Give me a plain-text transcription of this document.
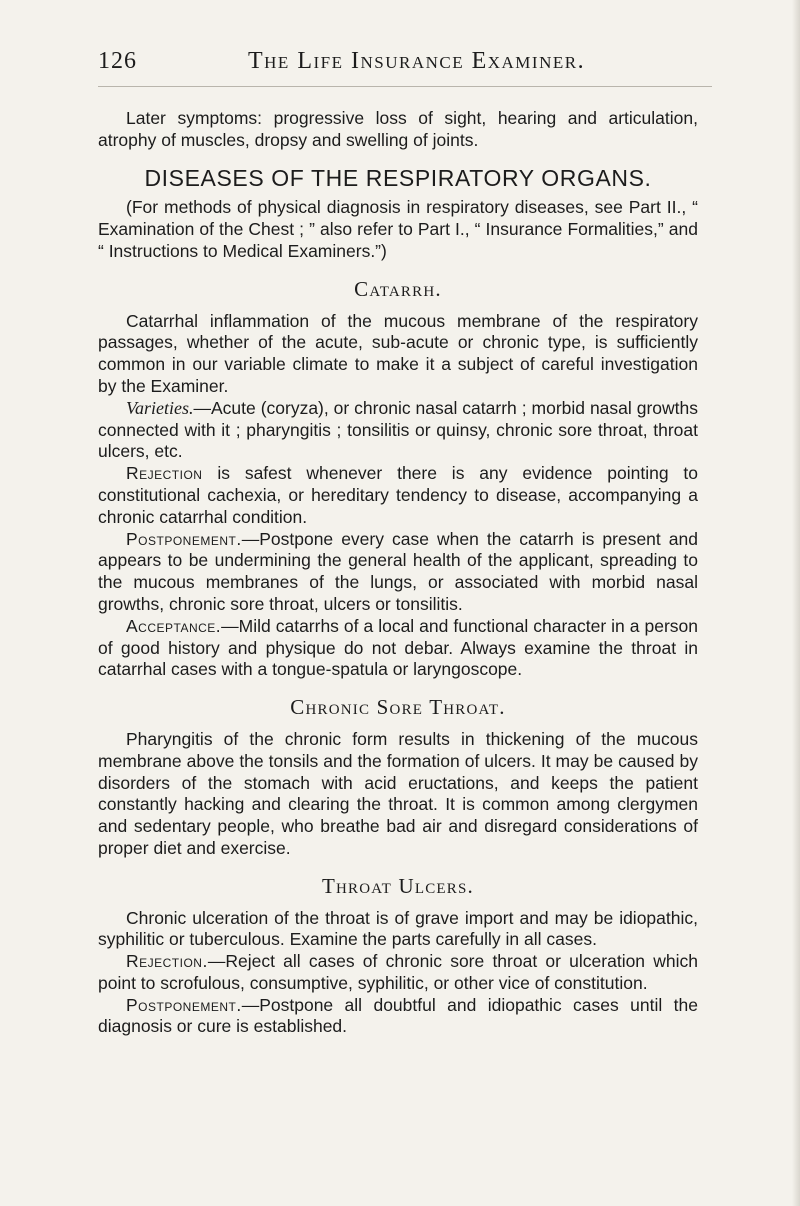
126	The Life Insurance Examiner.

Later symptoms: progressive loss of sight, hearing and articulation, atrophy of muscles, dropsy and swelling of joints.

DISEASES OF THE RESPIRATORY ORGANS.

(For methods of physical diagnosis in respiratory diseases, see Part II., “ Examination of the Chest ; ” also refer to Part I., “ Insurance Formalities,” and “ Instructions to Medical Examiners.”)

Catarrh.

Catarrhal inflammation of the mucous membrane of the respiratory passages, whether of the acute, sub-acute or chronic type, is sufficiently common in our variable climate to make it a subject of careful investigation by the Examiner.

Varieties.—Acute (coryza), or chronic nasal catarrh ; morbid nasal growths connected with it ; pharyngitis ; tonsilitis or quinsy, chronic sore throat, throat ulcers, etc.

Rejection is safest whenever there is any evidence pointing to constitutional cachexia, or hereditary tendency to disease, accompanying a chronic catarrhal condition.

Postponement.—Postpone every case when the catarrh is present and appears to be undermining the general health of the applicant, spreading to the mucous membranes of the lungs, or associated with morbid nasal growths, chronic sore throat, ulcers or tonsilitis.

Acceptance.—Mild catarrhs of a local and functional character in a person of good history and physique do not debar. Always examine the throat in catarrhal cases with a tongue-spatula or laryngoscope.

Chronic Sore Throat.

Pharyngitis of the chronic form results in thickening of the mucous membrane above the tonsils and the formation of ulcers. It may be caused by disorders of the stomach with acid eructations, and keeps the patient constantly hacking and clearing the throat. It is common among clergymen and sedentary people, who breathe bad air and disregard considerations of proper diet and exercise.

Throat Ulcers.

Chronic ulceration of the throat is of grave import and may be idiopathic, syphilitic or tuberculous. Examine the parts carefully in all cases.

Rejection.—Reject all cases of chronic sore throat or ulceration which point to scrofulous, consumptive, syphilitic, or other vice of constitution.

Postponement.—Postpone all doubtful and idiopathic cases until the diagnosis or cure is established.
